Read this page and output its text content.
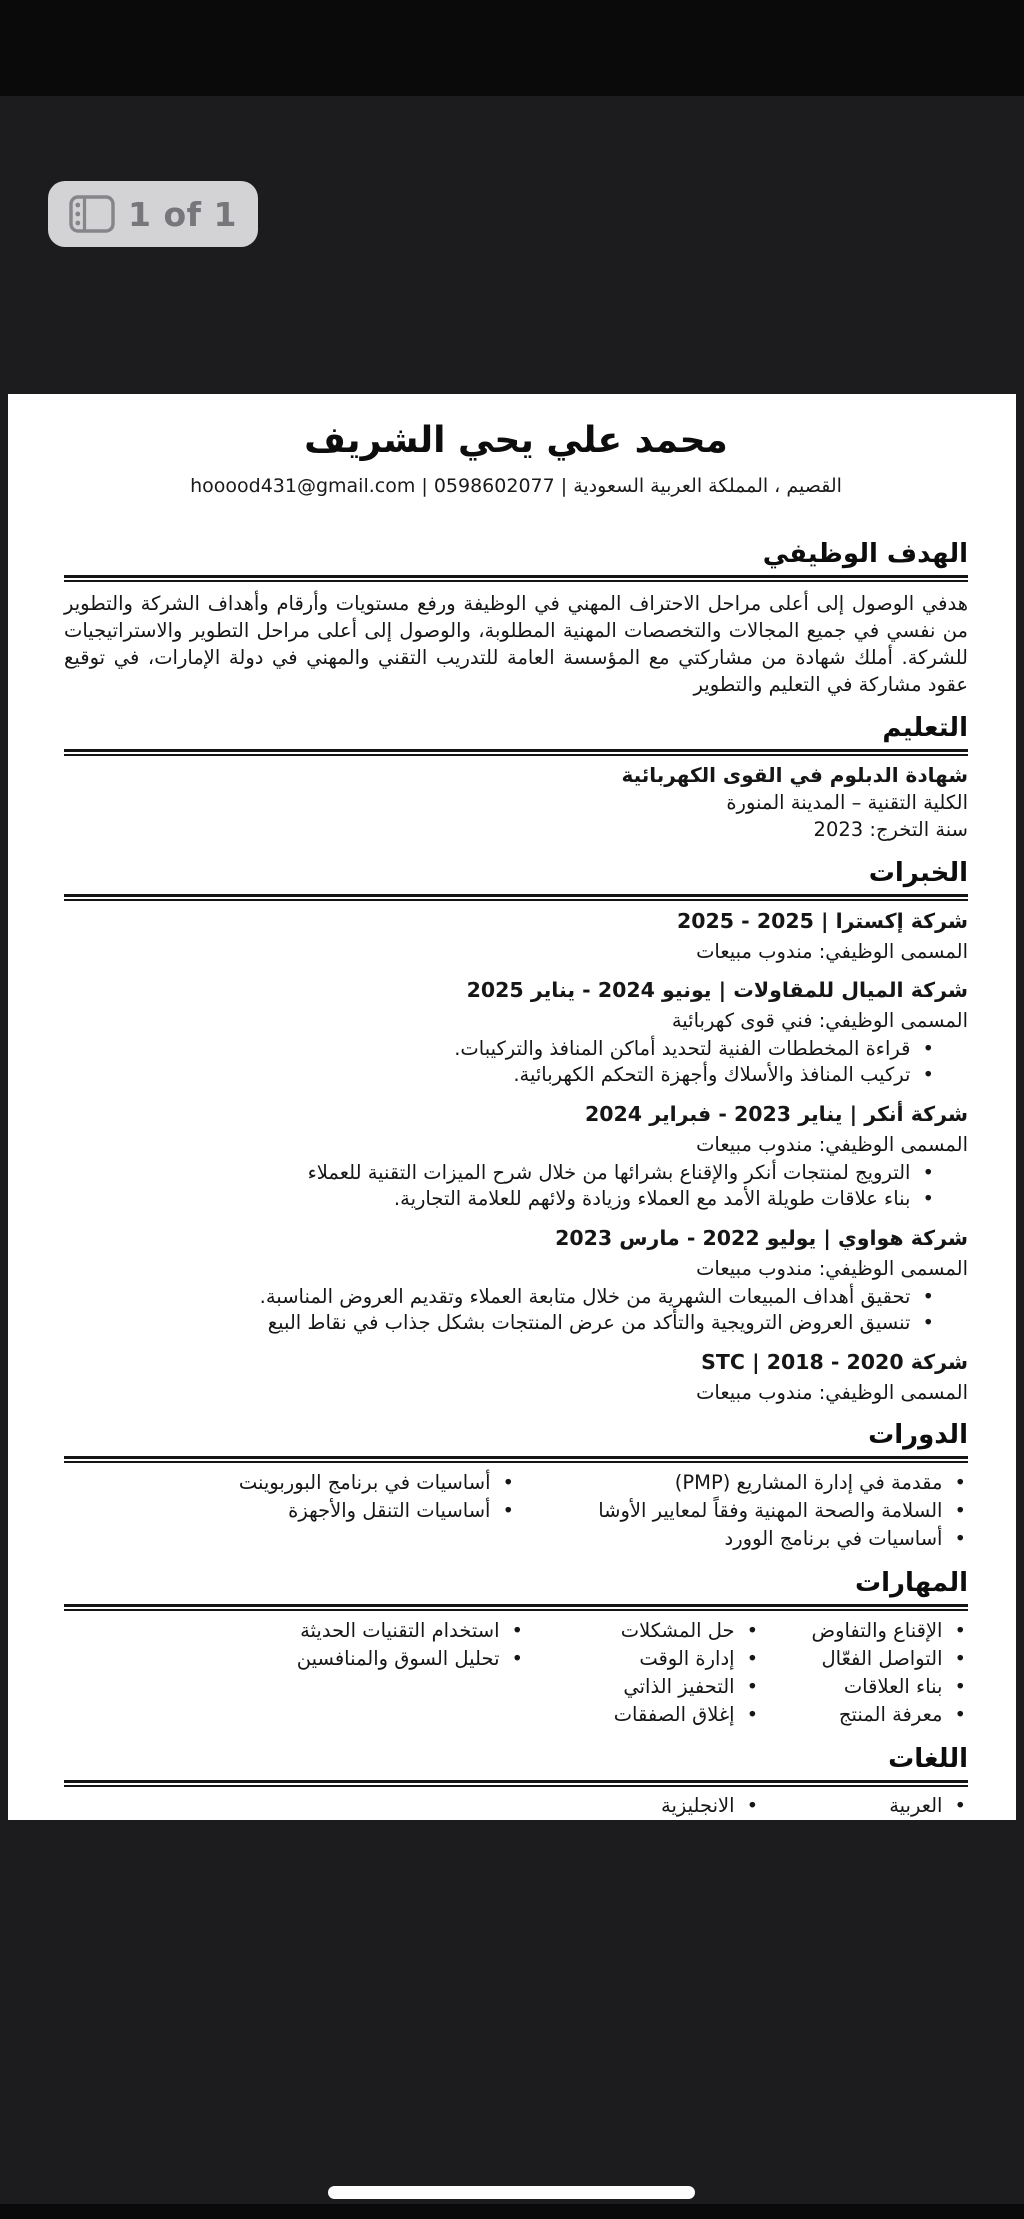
1 of 1
محمد علي يحي الشريف
القصيم ، المملكة العربية السعودية | hooood431@gmail.com | 0598602077
الهدف الوظيفي
هدفي الوصول إلى أعلى مراحل الاحتراف المهني في الوظيفة ورفع مستويات وأرقام وأهداف الشركة والتطوير من نفسي في جميع المجالات والتخصصات المهنية المطلوبة، والوصول إلى أعلى مراحل التطوير والاستراتيجيات للشركة. أملك شهادة من مشاركتي مع المؤسسة العامة للتدريب التقني والمهني في دولة الإمارات، في توقيع عقود مشاركة في التعليم والتطوير
التعليم
شهادة الدبلوم في القوى الكهربائية
الكلية التقنية – المدينة المنورة
سنة التخرج: 2023
الخبرات
شركة إكسترا | 2025 - 2025
المسمى الوظيفي: مندوب مبيعات
شركة الميال للمقاولات | يونيو 2024 - يناير 2025
المسمى الوظيفي: فني قوى كهربائية
• قراءة المخططات الفنية لتحديد أماكن المنافذ والتركيبات.
• تركيب المنافذ والأسلاك وأجهزة التحكم الكهربائية.
شركة أنكر | يناير 2023 - فبراير 2024
المسمى الوظيفي: مندوب مبيعات
• الترويج لمنتجات أنكر والإقناع بشرائها من خلال شرح الميزات التقنية للعملاء
• بناء علاقات طويلة الأمد مع العملاء وزيادة ولائهم للعلامة التجارية.
شركة هواوي | يوليو 2022 - مارس 2023
المسمى الوظيفي: مندوب مبيعات
• تحقيق أهداف المبيعات الشهرية من خلال متابعة العملاء وتقديم العروض المناسبة.
• تنسيق العروض الترويجية والتأكد من عرض المنتجات بشكل جذاب في نقاط البيع
شركة STC | 2018 - 2020
المسمى الوظيفي: مندوب مبيعات
الدورات
• مقدمة في إدارة المشاريع (PMP)
• السلامة والصحة المهنية وفقاً لمعايير الأوشا
• أساسيات في برنامج الوورد
• أساسيات في برنامج البوربوينت
• أساسيات التنقل والأجهزة
المهارات
• الإقناع والتفاوض
• التواصل الفعّال
• بناء العلاقات
• معرفة المنتج
• حل المشكلات
• إدارة الوقت
• التحفيز الذاتي
• إغلاق الصفقات
• استخدام التقنيات الحديثة
• تحليل السوق والمنافسين
اللغات
• العربية
• الانجليزية
